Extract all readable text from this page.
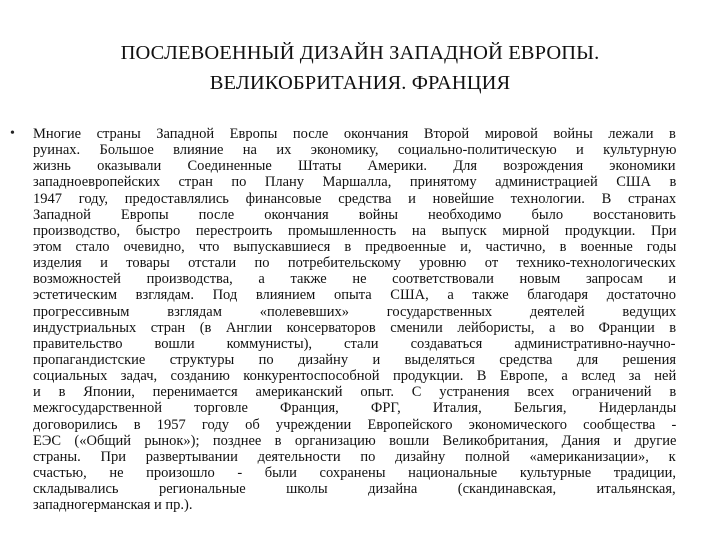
ПОСЛЕВОЕННЫЙ ДИЗАЙН ЗАПАДНОЙ ЕВРОПЫ.
ВЕЛИКОБРИТАНИЯ. ФРАНЦИЯ
• Многие страны Западной Европы после окончания Второй мировой войны лежали в
руинах. Большое влияние на их экономику, социально-политическую и культурную
жизнь оказывали Соединенные Штаты Америки. Для возрождения экономики
западноевропейских стран по Плану Маршалла, принятому администрацией США в
1947 году, предоставлялись финансовые средства и новейшие технологии. В странах
Западной Европы после окончания войны необходимо было восстановить
производство, быстро перестроить промышленность на выпуск мирной продукции. При
этом стало очевидно, что выпускавшиеся в предвоенные и, частично, в военные годы
изделия и товары отстали по потребительскому уровню от технико-технологических
возможностей производства, а также не соответствовали новым запросам и
эстетическим взглядам. Под влиянием опыта США, а также благодаря достаточно
прогрессивным взглядам «полевевших» государственных деятелей ведущих
индустриальных стран (в Англии консерваторов сменили лейбористы, а во Франции в
правительство вошли коммунисты), стали создаваться административно-научно-
пропагандистские структуры по дизайну и выделяться средства для решения
социальных задач, созданию конкурентоспособной продукции. В Европе, а вслед за ней
и в Японии, перенимается американский опыт. С устранения всех ограничений в
межгосударственной торговле Франция, ФРГ, Италия, Бельгия, Нидерланды
договорились в 1957 году об учреждении Европейского экономического сообщества -
ЕЭС («Общий рынок»); позднее в организацию вошли Великобритания, Дания и другие
страны. При развертывании деятельности по дизайну полной «американизации», к
счастью, не произошло - были сохранены национальные культурные традиции,
складывались региональные школы дизайна (скандинавская, итальянская,
западногерманская и пр.).
